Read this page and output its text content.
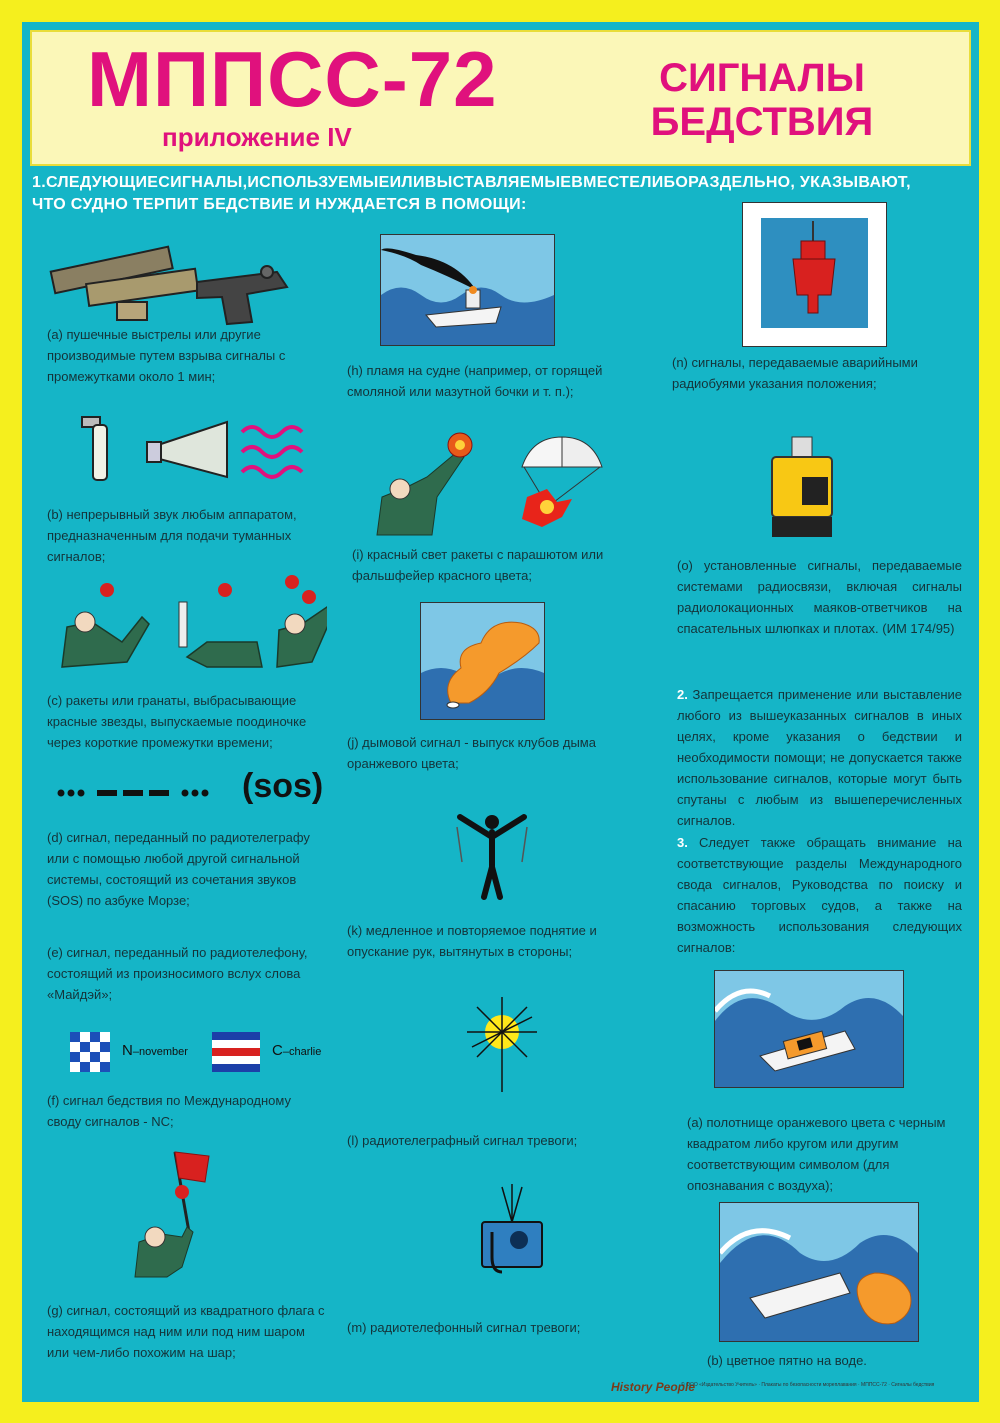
МППСС-72
приложение IV
СИГНАЛЫ
БЕДСТВИЯ
1.СЛЕДУЮЩИЕСИГНАЛЫ,ИСПОЛЬЗУЕМЫЕИЛИВЫСТАВЛЯЕМЫЕВМЕСТЕЛИБОРАЗДЕЛЬНО, УКАЗЫВАЮТ, ЧТО СУДНО ТЕРПИТ БЕДСТВИЕ И НУЖДАЕТСЯ В ПОМОЩИ:
(а) пушечные выстрелы или другие производимые путем взрыва сигналы с промежутками около 1 мин;
(b) непрерывный звук любым аппаратом, предназначенным для подачи туманных сигналов;
(с) ракеты или гранаты, выбрасывающие красные звезды, выпускаемые поодиночке через короткие промежутки времени;
(sos)
(d) сигнал, переданный по радиотелеграфу или с помощью любой другой сигнальной системы, состоящий из сочетания звуков (SOS) по азбуке Морзе;
(е) сигнал, переданный по радиотелефону, состоящий из произносимого вслух слова «Майдэй»;
N–november	C–charlie
(f) сигнал бедствия по Международному своду сигналов - NC;
(g) сигнал, состоящий из квадратного флага с находящимся над ним или под ним шаром или чем-либо похожим на шар;
(h) пламя на судне (например, от горящей смоляной или мазутной бочки и т. п.);
(i) красный свет ракеты с парашютом или фальшфейер красного цвета;
(j) дымовой сигнал - выпуск клубов дыма оранжевого цвета;
(k) медленное и повторяемое поднятие и опускание рук, вытянутых в стороны;
(l) радиотелеграфный сигнал тревоги;
(m) радиотелефонный сигнал тревоги;
(n) сигналы, передаваемые аварийными радиобуями указания положения;
(о) установленные сигналы, передаваемые системами радиосвязи, включая сигналы радиолокационных маяков-ответчиков на спасательных шлюпках и плотах. (ИМ 174/95)
2. Запрещается применение или выставление любого из вышеуказанных сигналов в иных целях, кроме указания о бедствии и необходимости помощи; не допускается также использование сигналов, которые могут быть спутаны с любым из вышеперечисленных сигналов.
3. Следует также обращать внимание на соответствующие разделы Международного свода сигналов, Руководства по поиску и спасанию торговых судов, а также на возможность использования следующих сигналов:
(а) полотнище оранжевого цвета с черным квадратом либо кругом или другим соответствующим символом (для опознавания с воздуха);
(b) цветное пятно на воде.
History People
© ООО «Издательство Учитель» · Плакаты по безопасности мореплавания · МППСС-72 · Сигналы бедствия
